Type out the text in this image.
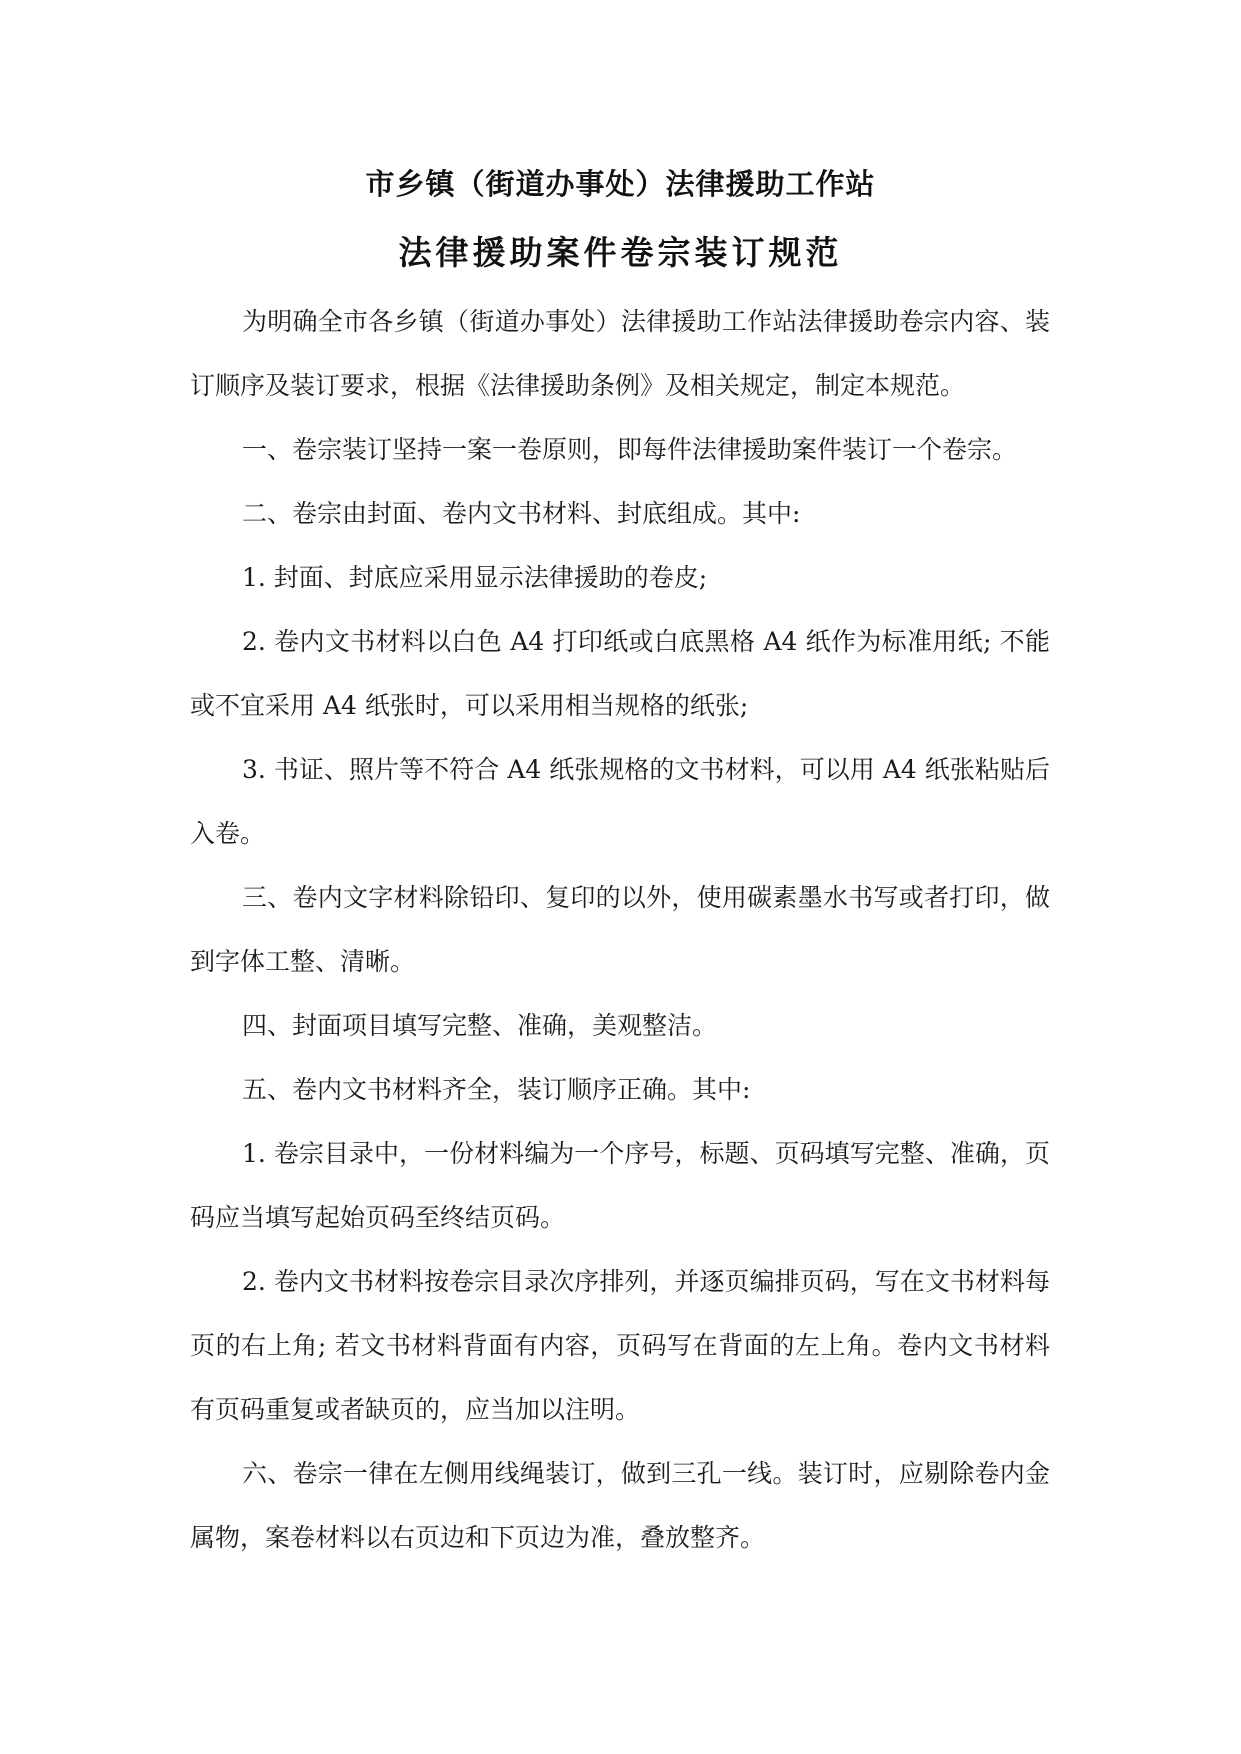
市乡镇（街道办事处）法律援助工作站
法律援助案件卷宗装订规范

为明确全市各乡镇（街道办事处）法律援助工作站法律援助卷宗内容、装订顺序及装订要求，根据《法律援助条例》及相关规定，制定本规范。

一、卷宗装订坚持一案一卷原则，即每件法律援助案件装订一个卷宗。

二、卷宗由封面、卷内文书材料、封底组成。其中:

1. 封面、封底应采用显示法律援助的卷皮;

2. 卷内文书材料以白色 A4 打印纸或白底黑格 A4 纸作为标准用纸; 不能或不宜采用 A4 纸张时，可以采用相当规格的纸张;

3. 书证、照片等不符合 A4 纸张规格的文书材料，可以用 A4 纸张粘贴后入卷。

三、卷内文字材料除铅印、复印的以外，使用碳素墨水书写或者打印，做到字体工整、清晰。

四、封面项目填写完整、准确，美观整洁。

五、卷内文书材料齐全，装订顺序正确。其中:

1. 卷宗目录中，一份材料编为一个序号，标题、页码填写完整、准确，页码应当填写起始页码至终结页码。

2. 卷内文书材料按卷宗目录次序排列，并逐页编排页码，写在文书材料每页的右上角; 若文书材料背面有内容，页码写在背面的左上角。卷内文书材料有页码重复或者缺页的，应当加以注明。

六、卷宗一律在左侧用线绳装订，做到三孔一线。装订时，应剔除卷内金属物，案卷材料以右页边和下页边为准，叠放整齐。
